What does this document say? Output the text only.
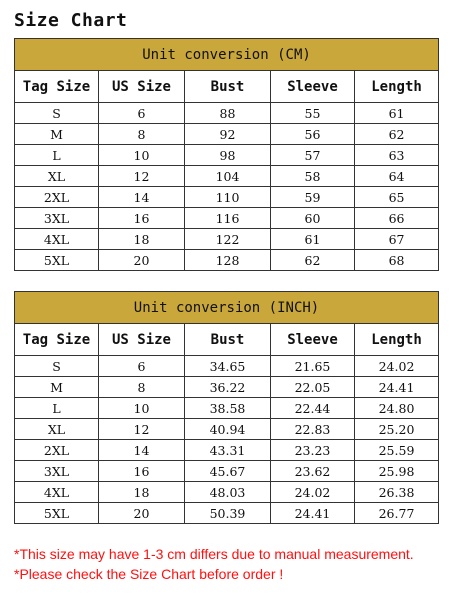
Size Chart
Unit conversion (CM)				
Tag Size	US Size	Bust	Sleeve	Length
S	6	88	55	61
M	8	92	56	62
L	10	98	57	63
XL	12	104	58	64
2XL	14	110	59	65
3XL	16	116	60	66
4XL	18	122	61	67
5XL	20	128	62	68
Unit conversion (INCH)				
Tag Size	US Size	Bust	Sleeve	Length
S	6	34.65	21.65	24.02
M	8	36.22	22.05	24.41
L	10	38.58	22.44	24.80
XL	12	40.94	22.83	25.20
2XL	14	43.31	23.23	25.59
3XL	16	45.67	23.62	25.98
4XL	18	48.03	24.02	26.38
5XL	20	50.39	24.41	26.77
*This size may have 1-3 cm differs due to manual measurement.
*Please check the Size Chart before order !
